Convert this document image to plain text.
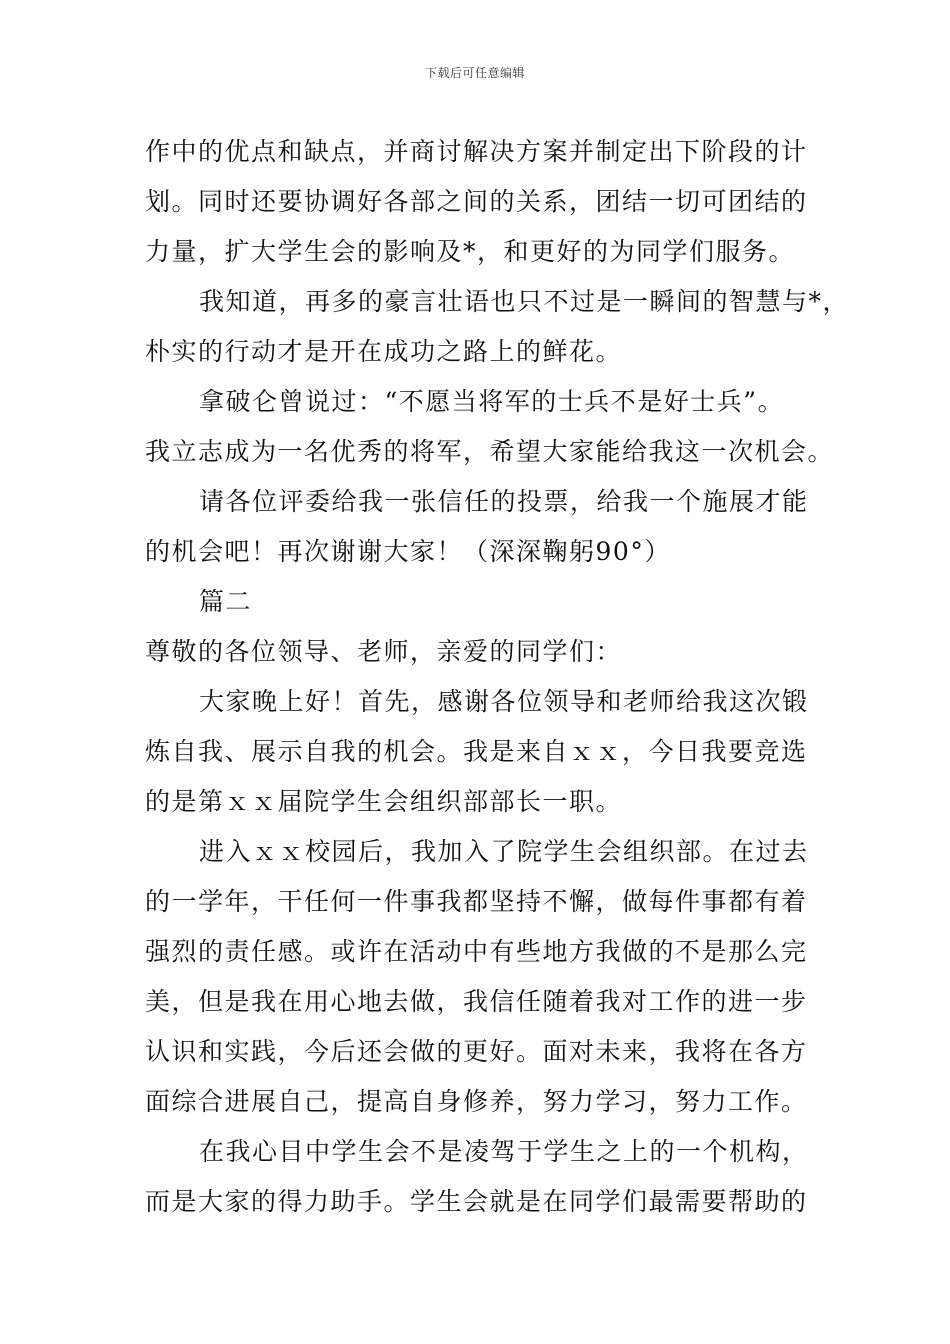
下载后可任意编辑

作中的优点和缺点，并商讨解决方案并制定出下阶段的计

划。同时还要协调好各部之间的关系，团结一切可团结的

力量，扩大学生会的影响及*，和更好的为同学们服务。

我知道，再多的豪言壮语也只不过是一瞬间的智慧与*，

朴实的行动才是开在成功之路上的鲜花。

拿破仑曾说过：“不愿当将军的士兵不是好士兵”。

我立志成为一名优秀的将军，希望大家能给我这一次机会。

请各位评委给我一张信任的投票，给我一个施展才能

的机会吧！再次谢谢大家！（深深鞠躬90°）

篇二

尊敬的各位领导、老师，亲爱的同学们：

大家晚上好！首先，感谢各位领导和老师给我这次锻

炼自我、展示自我的机会。我是来自ｘｘ，今日我要竞选

的是第ｘｘ届院学生会组织部部长一职。

进入ｘｘ校园后，我加入了院学生会组织部。在过去

的一学年，干任何一件事我都坚持不懈，做每件事都有着

强烈的责任感。或许在活动中有些地方我做的不是那么完

美，但是我在用心地去做，我信任随着我对工作的进一步

认识和实践，今后还会做的更好。面对未来，我将在各方

面综合进展自己，提高自身修养，努力学习，努力工作。

在我心目中学生会不是凌驾于学生之上的一个机构，

而是大家的得力助手。学生会就是在同学们最需要帮助的
